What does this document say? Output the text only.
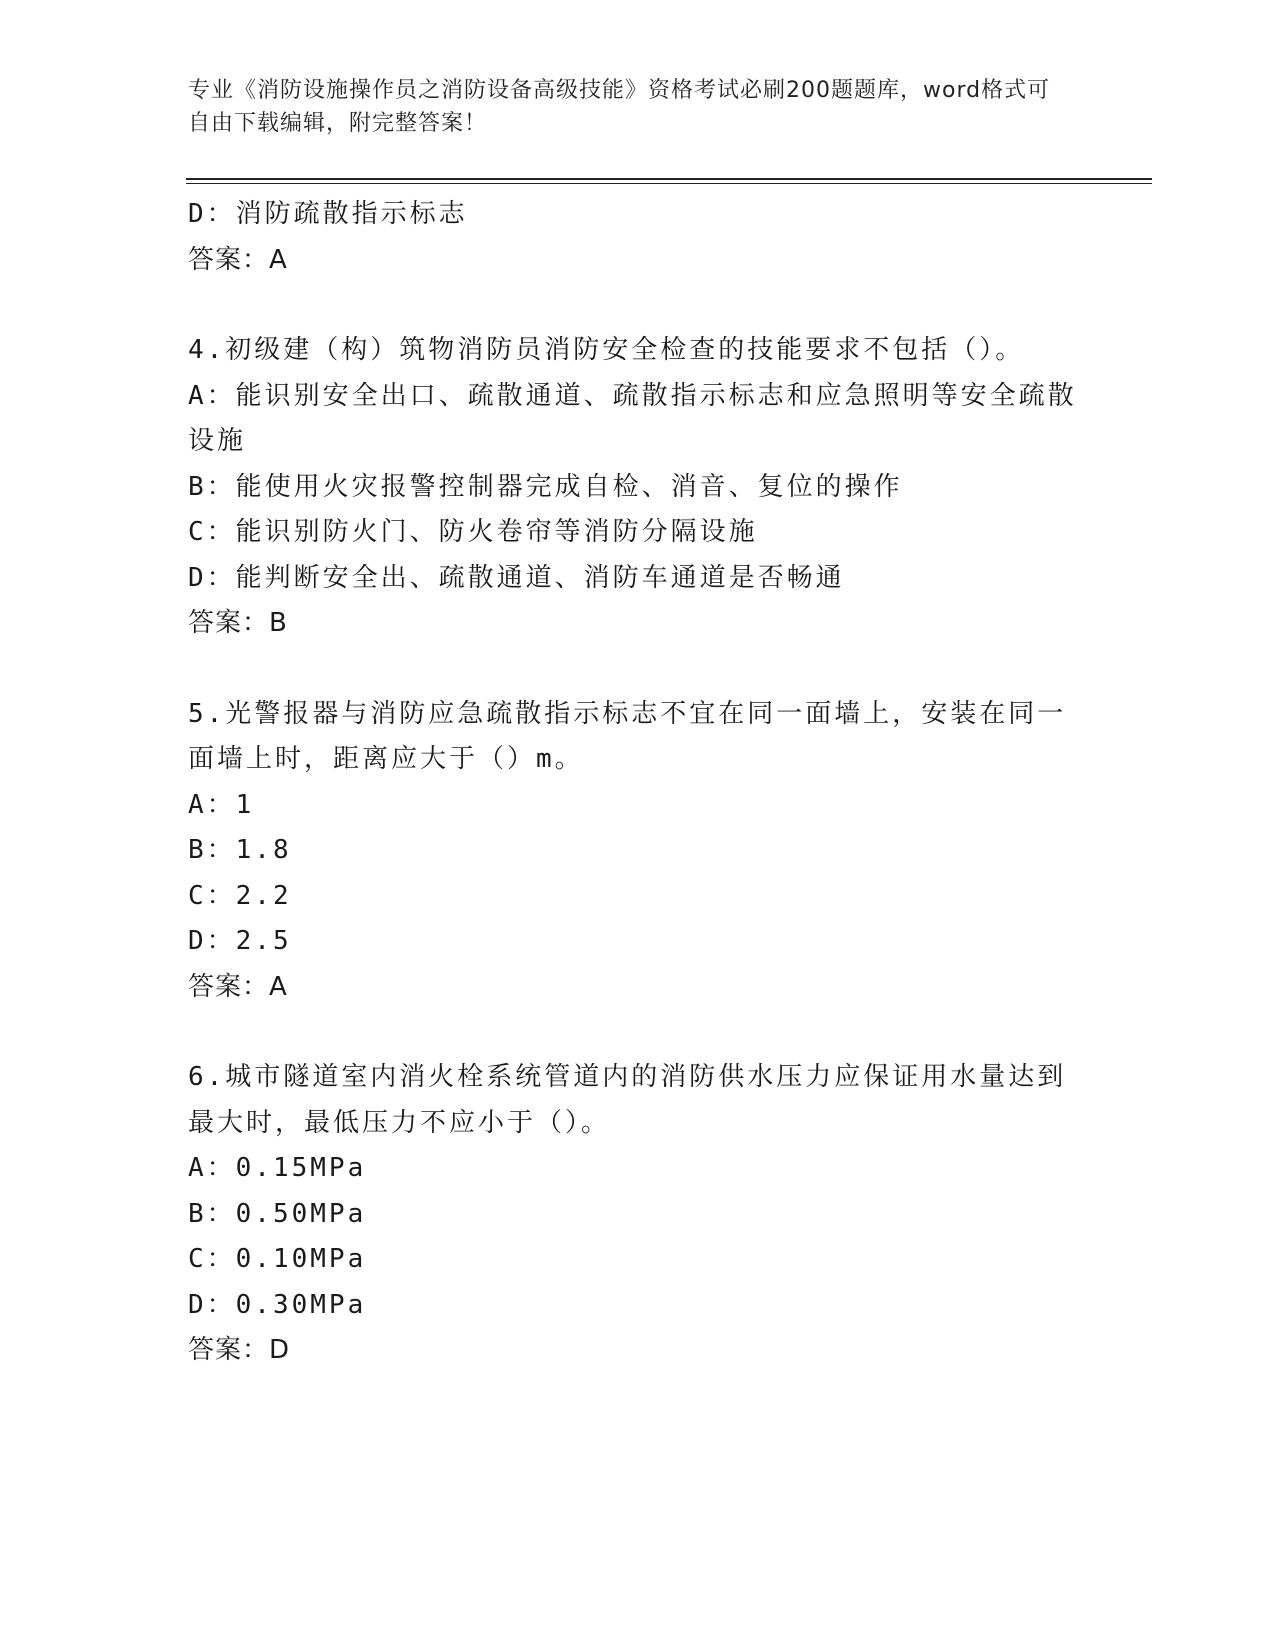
专业《消防设施操作员之消防设备高级技能》资格考试必刷200题题库，word格式可自由下载编辑，附完整答案！
D：消防疏散指示标志
答案：A
4.初级建（构）筑物消防员消防安全检查的技能要求不包括（）。
A：能识别安全出口、疏散通道、疏散指示标志和应急照明等安全疏散设施
B：能使用火灾报警控制器完成自检、消音、复位的操作
C：能识别防火门、防火卷帘等消防分隔设施
D：能判断安全出、疏散通道、消防车通道是否畅通
答案：B
5.光警报器与消防应急疏散指示标志不宜在同一面墙上，安装在同一面墙上时，距离应大于（）m。
A：1
B：1.8
C：2.2
D：2.5
答案：A
6.城市隧道室内消火栓系统管道内的消防供水压力应保证用水量达到最大时，最低压力不应小于（）。
A：0.15MPa
B：0.50MPa
C：0.10MPa
D：0.30MPa
答案：D
